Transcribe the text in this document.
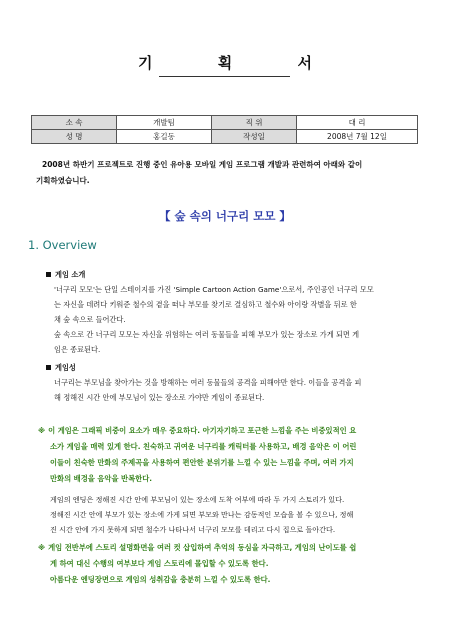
기 획 서
소 속	개발팀	직 위	대 리
성 명	홍길동	작성일	2008년 7월 12일
2008년 하반기 프로젝트로 진행 중인 유아용 모바일 게임 프로그램 개발과 관련하여 아래와 같이
기획하였습니다.
【 숲 속의 너구리 모모 】
1. Overview
게임 소개
'너구리 모모'는 단일 스테이지를 가진 'Simple Cartoon Action Game'으로서, 주인공인 너구리 모모
는 자신을 데려다 키워준 철수의 곁을 떠나 부모를 찾기로 결심하고 철수와 아이랑 작별을 뒤로 한
채 숲 속으로 들어간다.
숲 속으로 간 너구리 모모는 자신을 위험하는 여러 동물들을 피해 부모가 있는 장소로 가게 되면 게
임은 종료된다.
게임성
너구리는 부모님을 찾아가는 것을 방해하는 여러 동물들의 공격을 피해야만 한다. 이들을 공격을 피
해 정해진 시간 안에 부모님이 있는 장소로 가야만 게임이 종료된다.
※ 이 게임은 그래픽 비중이 요소가 매우 중요하다. 아기자기하고 포근한 느낌을 주는 비중있적인 요
소가 게임을 매력 있게 한다. 친숙하고 귀여운 너구리를 캐릭터를 사용하고, 배경 음악은 이 어린
이들이 친숙한 만화의 주제곡을 사용하여 편안한 분위기를 느낄 수 있는 느낌을 주며, 여러 가지
만화의 배경을 음악을 반복한다.
게임의 엔딩은 정해진 시간 안에 부모님이 있는 장소에 도착 여부에 따라 두 가지 스토리가 있다.
정해진 시간 안에 부모가 있는 장소에 가게 되면 부모와 만나는 감동적인 모습을 볼 수 있으나, 정해
진 시간 안에 가지 못하게 되면 철수가 나타나서 너구리 모모를 데리고 다시 집으로 돌아간다.
※ 게임 전반부에 스토리 설명화면을 여러 컷 삽입하여 추억의 동심을 자극하고, 게임의 난이도를 쉽
게 하여 대신 수행의 여부보다 게임 스토리에 몰입할 수 있도록 한다.
아름다운 엔딩장면으로 게임의 성취감을 충분히 느낄 수 있도록 한다.
